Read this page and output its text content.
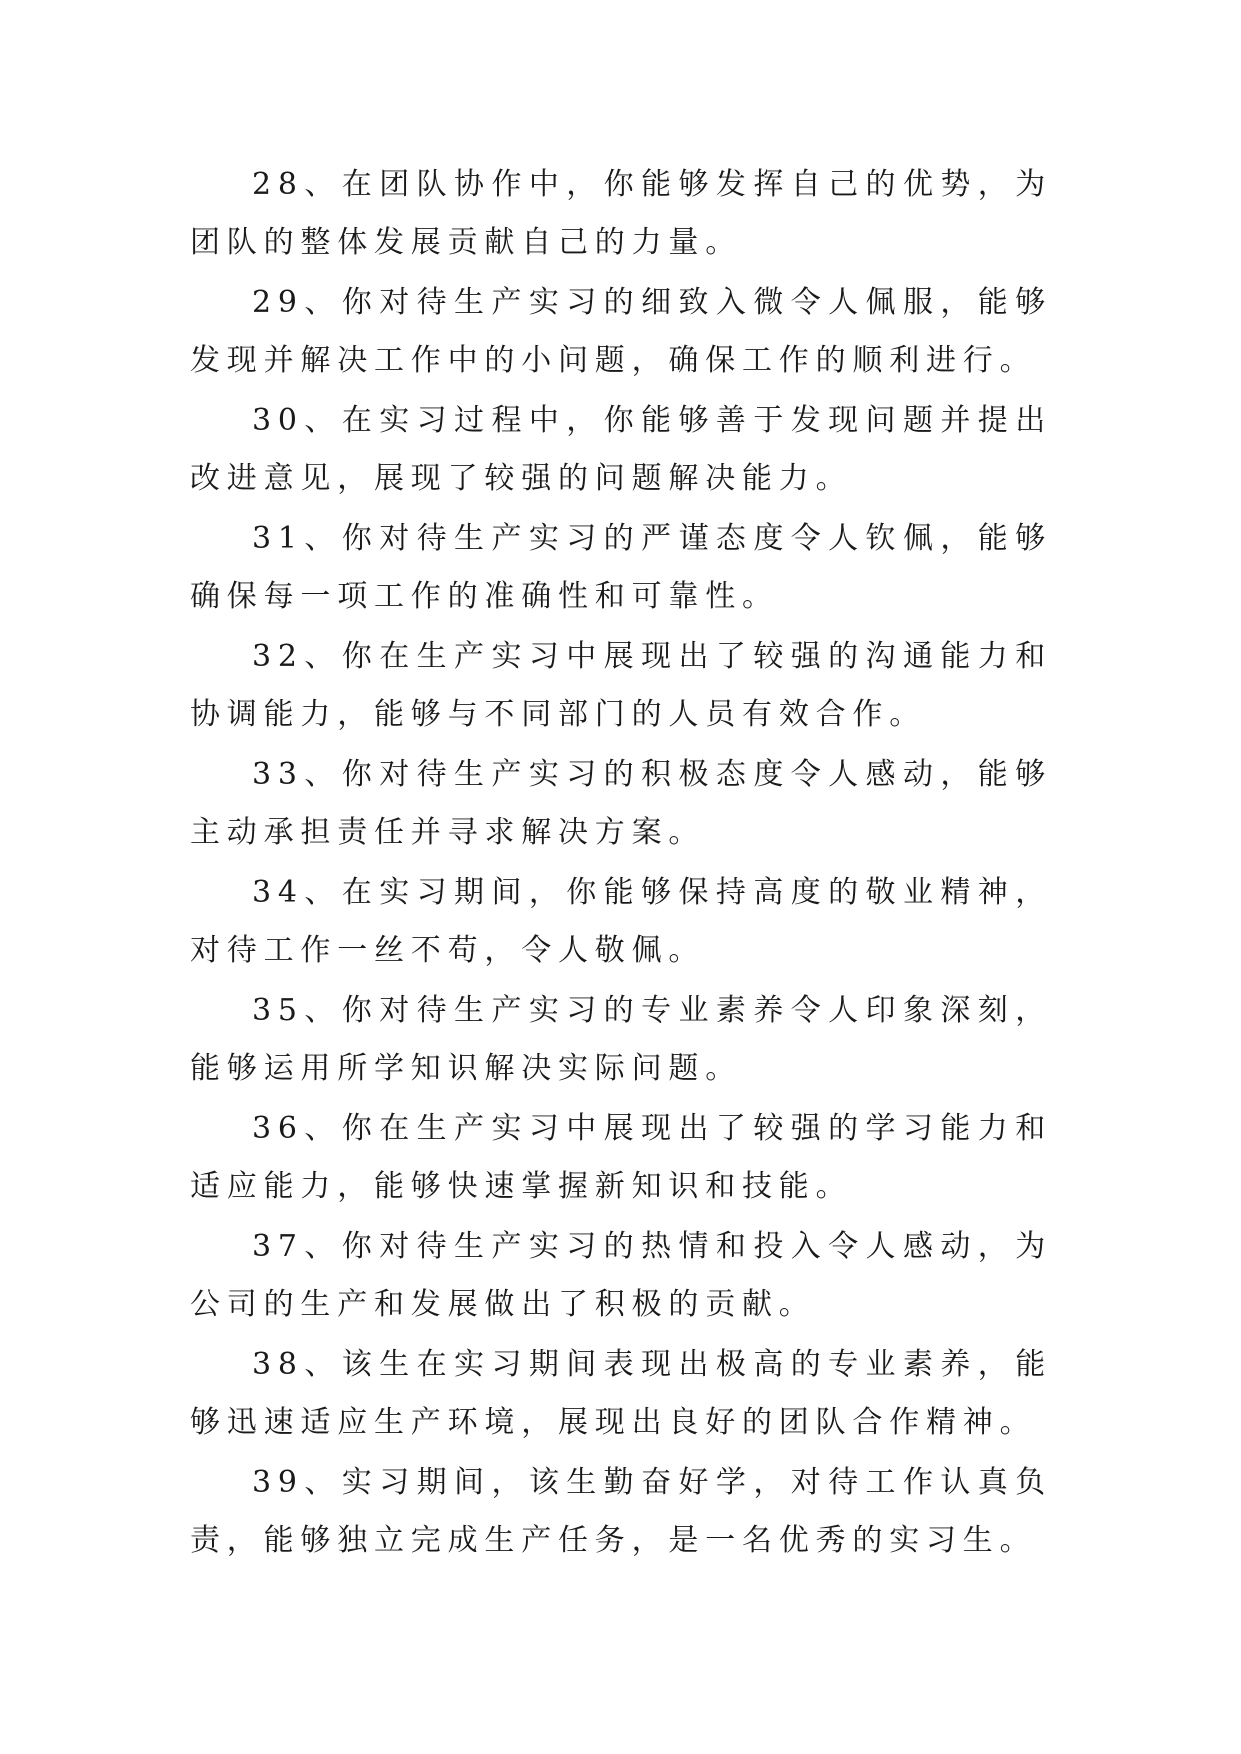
28、在团队协作中，你能够发挥自己的优势，为团队的整体发展贡献自己的力量。

29、你对待生产实习的细致入微令人佩服，能够发现并解决工作中的小问题，确保工作的顺利进行。

30、在实习过程中，你能够善于发现问题并提出改进意见，展现了较强的问题解决能力。

31、你对待生产实习的严谨态度令人钦佩，能够确保每一项工作的准确性和可靠性。

32、你在生产实习中展现出了较强的沟通能力和协调能力，能够与不同部门的人员有效合作。

33、你对待生产实习的积极态度令人感动，能够主动承担责任并寻求解决方案。

34、在实习期间，你能够保持高度的敬业精神，对待工作一丝不苟，令人敬佩。

35、你对待生产实习的专业素养令人印象深刻，能够运用所学知识解决实际问题。

36、你在生产实习中展现出了较强的学习能力和适应能力，能够快速掌握新知识和技能。

37、你对待生产实习的热情和投入令人感动，为公司的生产和发展做出了积极的贡献。

38、该生在实习期间表现出极高的专业素养，能够迅速适应生产环境，展现出良好的团队合作精神。

39、实习期间，该生勤奋好学，对待工作认真负责，能够独立完成生产任务，是一名优秀的实习生。
